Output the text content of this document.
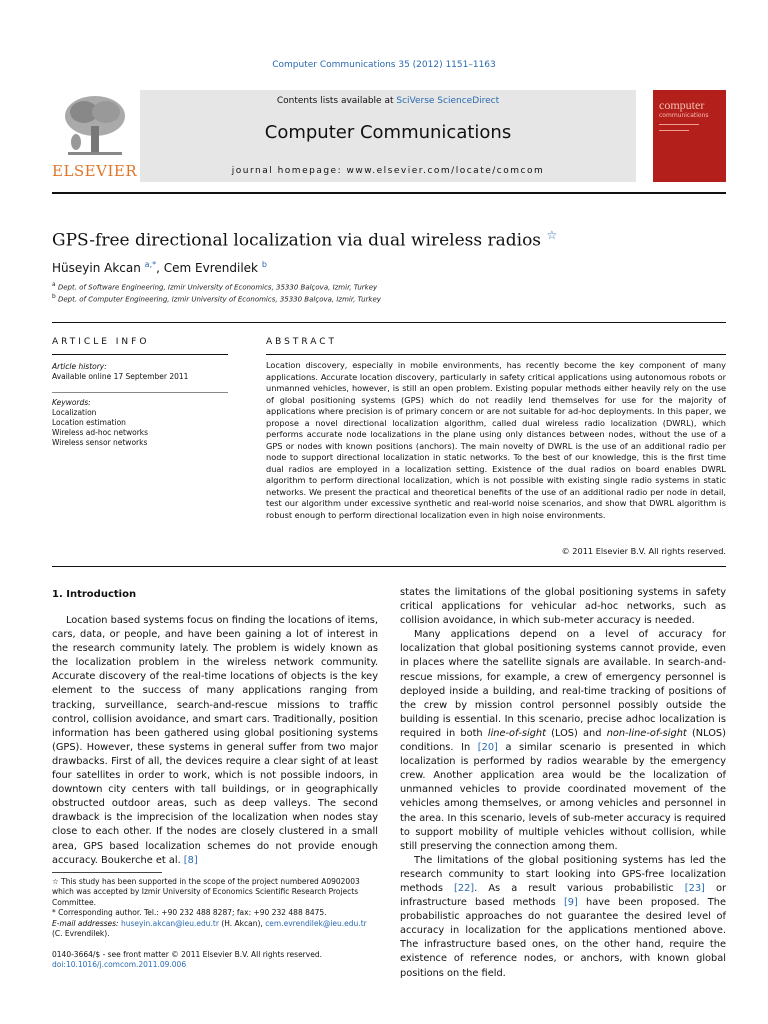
Computer Communications 35 (2012) 1151–1163
ELSEVIER
Contents lists available at SciVerse ScienceDirect
Computer Communications
journal homepage: www.elsevier.com/locate/comcom
computer
communications
GPS-free directional localization via dual wireless radios ☆
Hüseyin Akcan $^{a,*}$, Cem Evrendilek $^b$
$^a$ Dept. of Software Engineering, Izmir University of Economics, 35330 Balçova, Izmir, Turkey
$^b$ Dept. of Computer Engineering, Izmir University of Economics, 35330 Balçova, Izmir, Turkey
ARTICLE INFO	ABSTRACT
Article history:
Available online 17 September 2011
Keywords:
Localization
Location estimation
Wireless ad-hoc networks
Wireless sensor networks
Location discovery, especially in mobile environments, has recently become the key component of many applications. Accurate location discovery, particularly in safety critical applications using autonomous robots or unmanned vehicles, however, is still an open problem. Existing popular methods either heavily rely on the use of global positioning systems (GPS) which do not readily lend themselves for use for the majority of applications where precision is of primary concern or are not suitable for ad-hoc deployments. In this paper, we propose a novel directional localization algorithm, called dual wireless radio localization (DWRL), which performs accurate node localizations in the plane using only distances between nodes, without the use of a GPS or nodes with known positions (anchors). The main novelty of DWRL is the use of an additional radio per node to support directional localization in static networks. To the best of our knowledge, this is the first time dual radios are employed in a localization setting. Existence of the dual radios on board enables DWRL algorithm to perform directional localization, which is not possible with existing single radio systems in static networks. We present the practical and theoretical benefits of the use of an additional radio per node in detail, test our algorithm under excessive synthetic and real-world noise scenarios, and show that DWRL algorithm is robust enough to perform directional localization even in high noise environments.
© 2011 Elsevier B.V. All rights reserved.
1. Introduction

Location based systems focus on finding the locations of items, cars, data, or people, and have been gaining a lot of interest in the research community lately. The problem is widely known as the localization problem in the wireless network community. Accurate discovery of the real-time locations of objects is the key element to the success of many applications ranging from tracking, surveillance, search-and-rescue missions to traffic control, collision avoidance, and smart cars. Traditionally, position information has been gathered using global positioning systems (GPS). However, these systems in general suffer from two major drawbacks. First of all, the devices require a clear sight of at least four satellites in order to work, which is not possible indoors, in downtown city centers with tall buildings, or in geographically obstructed outdoor areas, such as deep valleys. The second drawback is the imprecision of the localization when nodes stay close to each other. If the nodes are closely clustered in a small area, GPS based localization schemes do not provide enough accuracy. Boukerche et al. [8]

states the limitations of the global positioning systems in safety critical applications for vehicular ad-hoc networks, such as collision avoidance, in which sub-meter accuracy is needed.

Many applications depend on a level of accuracy for localization that global positioning systems cannot provide, even in places where the satellite signals are available. In search-and-rescue missions, for example, a crew of emergency personnel is deployed inside a building, and real-time tracking of positions of the crew by mission control personnel possibly outside the building is essential. In this scenario, precise adhoc localization is required in both line-of-sight (LOS) and non-line-of-sight (NLOS) conditions. In [20] a similar scenario is presented in which localization is performed by radios wearable by the emergency crew. Another application area would be the localization of unmanned vehicles to provide coordinated movement of the vehicles among themselves, or among vehicles and personnel in the area. In this scenario, levels of sub-meter accuracy is required to support mobility of multiple vehicles without collision, while still preserving the connection among them.

The limitations of the global positioning systems has led the research community to start looking into GPS-free localization methods [22]. As a result various probabilistic [23] or infrastructure based methods [9] have been proposed. The probabilistic approaches do not guarantee the desired level of accuracy in localization for the applications mentioned above. The infrastructure based ones, on the other hand, require the existence of reference nodes, or anchors, with known global positions on the field.

☆ This study has been supported in the scope of the project numbered A0902003 which was accepted by Izmir University of Economics Scientific Research Projects Committee.

* Corresponding author. Tel.: +90 232 488 8287; fax: +90 232 488 8475.

E-mail addresses: huseyin.akcan@ieu.edu.tr (H. Akcan), cem.evrendilek@ieu.edu.tr (C. Evrendilek).

0140-3664/$ - see front matter © 2011 Elsevier B.V. All rights reserved.
doi:10.1016/j.comcom.2011.09.006
